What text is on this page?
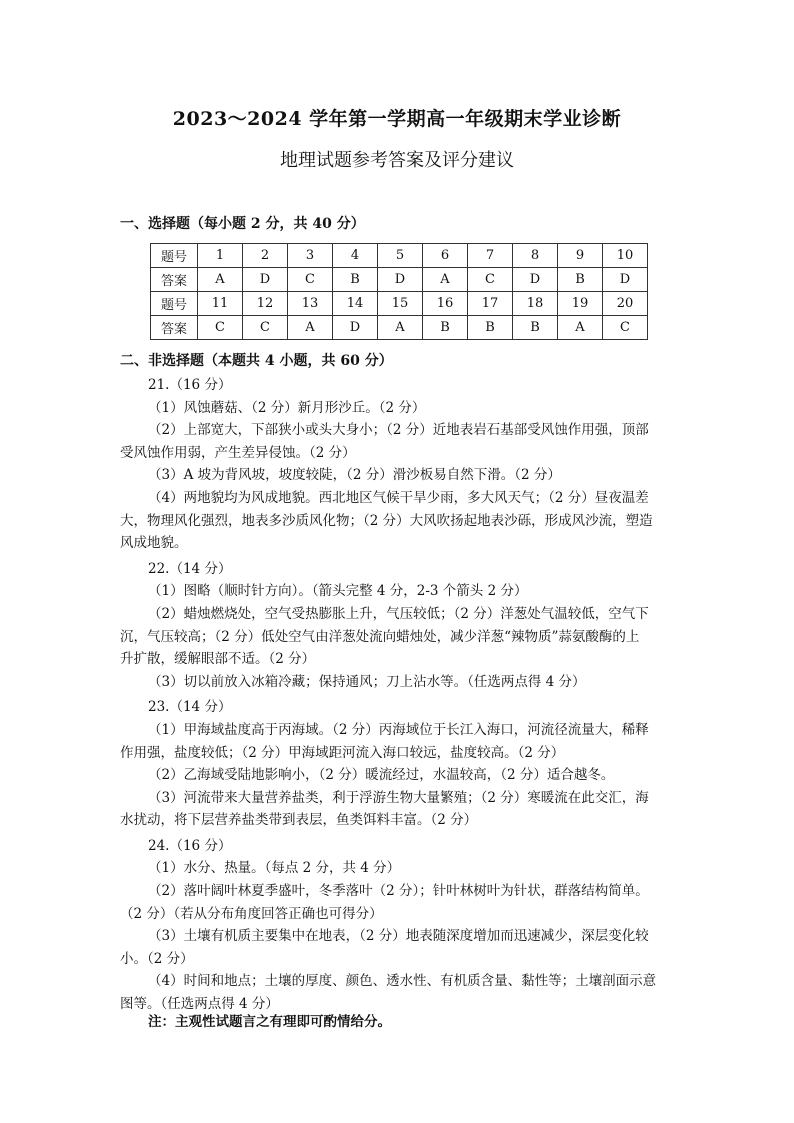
2023～2024 学年第一学期高一年级期末学业诊断
地理试题参考答案及评分建议
一、选择题（每小题 2 分，共 40 分）
题号	1	2	3	4	5	6	7	8	9	10
答案	A	D	C	B	D	A	C	D	B	D
题号	11	12	13	14	15	16	17	18	19	20
答案	C	C	A	D	A	B	B	B	A	C
二、非选择题（本题共 4 小题，共 60 分）

21.（16 分）

（1）风蚀蘑菇、（2 分）新月形沙丘。（2 分）

（2）上部宽大，下部狭小或头大身小；（2 分）近地表岩石基部受风蚀作用强，顶部

受风蚀作用弱，产生差异侵蚀。（2 分）

（3）A 坡为背风坡，坡度较陡，（2 分）滑沙板易自然下滑。（2 分）

（4）两地貌均为风成地貌。西北地区气候干旱少雨，多大风天气；（2 分）昼夜温差

大，物理风化强烈，地表多沙质风化物；（2 分）大风吹扬起地表沙砾，形成风沙流，塑造

风成地貌。

22.（14 分）

（1）图略（顺时针方向）。（箭头完整 4 分，2-3 个箭头 2 分）

（2）蜡烛燃烧处，空气受热膨胀上升，气压较低；（2 分）洋葱处气温较低，空气下

沉，气压较高；（2 分）低处空气由洋葱处流向蜡烛处，减少洋葱“辣物质”蒜氨酸酶的上

升扩散，缓解眼部不适。（2 分）

（3）切以前放入冰箱冷藏；保持通风；刀上沾水等。（任选两点得 4 分）

23.（14 分）

（1）甲海域盐度高于丙海域。（2 分）丙海域位于长江入海口，河流径流量大，稀释

作用强，盐度较低；（2 分）甲海域距河流入海口较远，盐度较高。（2 分）

（2）乙海域受陆地影响小，（2 分）暖流经过，水温较高，（2 分）适合越冬。

（3）河流带来大量营养盐类，利于浮游生物大量繁殖；（2 分）寒暖流在此交汇，海

水扰动，将下层营养盐类带到表层，鱼类饵料丰富。（2 分）

24.（16 分）

（1）水分、热量。（每点 2 分，共 4 分）

（2）落叶阔叶林夏季盛叶，冬季落叶（2 分）；针叶林树叶为针状，群落结构简单。

（2 分）（若从分布角度回答正确也可得分）

（3）土壤有机质主要集中在地表，（2 分）地表随深度增加而迅速减少，深层变化较

小。（2 分）

（4）时间和地点；土壤的厚度、颜色、透水性、有机质含量、黏性等；土壤剖面示意

图等。（任选两点得 4 分）

注：主观性试题言之有理即可酌情给分。
